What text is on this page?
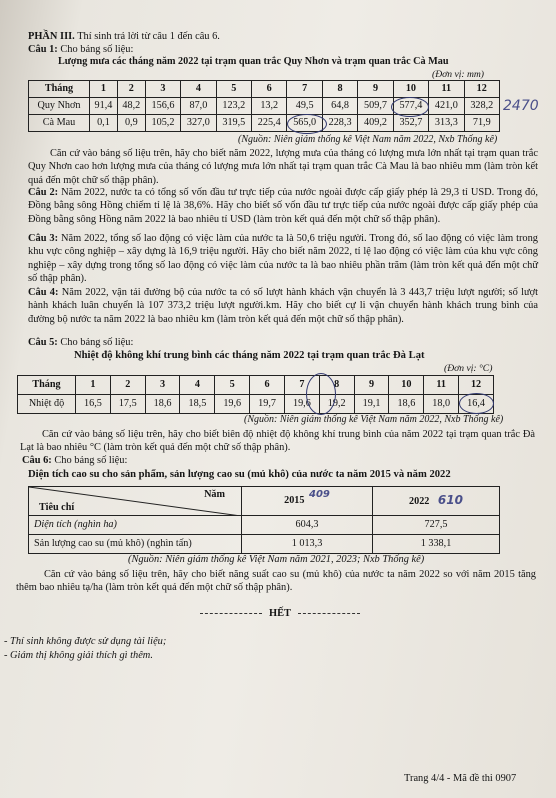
PHẦN III. Thí sinh trả lời từ câu 1 đến câu 6.

Câu 1: Cho bảng số liệu:

Lượng mưa các tháng năm 2022 tại trạm quan trắc Quy Nhơn và trạm quan trắc Cà Mau

(Đơn vị: mm)

Tháng	1	2	3	4	5	6	7	8	9	10	11	12
Quy Nhơn	91,4	48,2	156,6	87,0	123,2	13,2	49,5	64,8	509,7	577,4	421,0	328,2
Cà Mau	0,1	0,9	105,2	327,0	319,5	225,4	565,0	228,3	409,2	352,7	313,3	71,9

2470

(Nguồn: Niên giám thống kê Việt Nam năm 2022, Nxb Thống kê)

Căn cứ vào bảng số liệu trên, hãy cho biết năm 2022, lượng mưa của tháng có lượng mưa lớn nhất tại trạm quan trắc Quy Nhơn cao hơn lượng mưa của tháng có lượng mưa lớn nhất tại trạm quan trắc Cà Mau là bao nhiêu mm (làm tròn kết quả đến một chữ số thập phân).

Câu 2: Năm 2022, nước ta có tổng số vốn đầu tư trực tiếp của nước ngoài được cấp giấy phép là 29,3 tỉ USD. Trong đó, Đồng bằng sông Hồng chiếm tỉ lệ là 38,6%. Hãy cho biết số vốn đầu tư trực tiếp của nước ngoài được cấp giấy phép của Đồng bằng sông Hồng năm 2022 là bao nhiêu tỉ USD (làm tròn kết quả đến một chữ số thập phân).

Câu 3: Năm 2022, tổng số lao động có việc làm của nước ta là 50,6 triệu người. Trong đó, số lao động có việc làm trong khu vực công nghiệp – xây dựng là 16,9 triệu người. Hãy cho biết năm 2022, tỉ lệ lao động có việc làm của khu vực công nghiệp – xây dựng trong tổng số lao động có việc làm của nước ta là bao nhiêu phần trăm (làm tròn kết quả đến một chữ số thập phân).

Câu 4: Năm 2022, vận tải đường bộ của nước ta có số lượt hành khách vận chuyển là 3 443,7 triệu lượt người; số lượt hành khách luân chuyển là 107 373,2 triệu lượt người.km. Hãy cho biết cự li vận chuyển hành khách trung bình của đường bộ nước ta năm 2022 là bao nhiêu km (làm tròn kết quả đến một chữ số thập phân).

Câu 5: Cho bảng số liệu:

Nhiệt độ không khí trung bình các tháng năm 2022 tại trạm quan trắc Đà Lạt

(Đơn vị: °C)

Tháng	1	2	3	4	5	6	7	8	9	10	11	12
Nhiệt độ	16,5	17,5	18,6	18,5	19,6	19,7	19,6	19,2	19,1	18,6	18,0	16,4

(Nguồn: Niên giám thống kê Việt Nam năm 2022, Nxb Thống kê)

Căn cứ vào bảng số liệu trên, hãy cho biết biên độ nhiệt độ không khí trung bình của năm 2022 tại trạm quan trắc Đà Lạt là bao nhiêu °C (làm tròn kết quả đến một chữ số thập phân).

Câu 6: Cho bảng số liệu:

Diện tích cao su cho sản phẩm, sản lượng cao su (mủ khô) của nước ta năm 2015 và năm 2022

Năm
Tiêu chí	2015 409	2022 610
Diện tích (nghìn ha)	604,3	727,5
Sản lượng cao su (mủ khô) (nghìn tấn)	1 013,3	1 338,1

(Nguồn: Niên giám thống kê Việt Nam năm 2021, 2023; Nxb Thống kê)

Căn cứ vào bảng số liệu trên, hãy cho biết năng suất cao su (mủ khô) của nước ta năm 2022 so với năm 2015 tăng thêm bao nhiêu tạ/ha (làm tròn kết quả đến một chữ số thập phân).

HẾT

- Thí sinh không được sử dụng tài liệu;

- Giám thị không giải thích gì thêm.

Trang 4/4 - Mã đề thi 0907
